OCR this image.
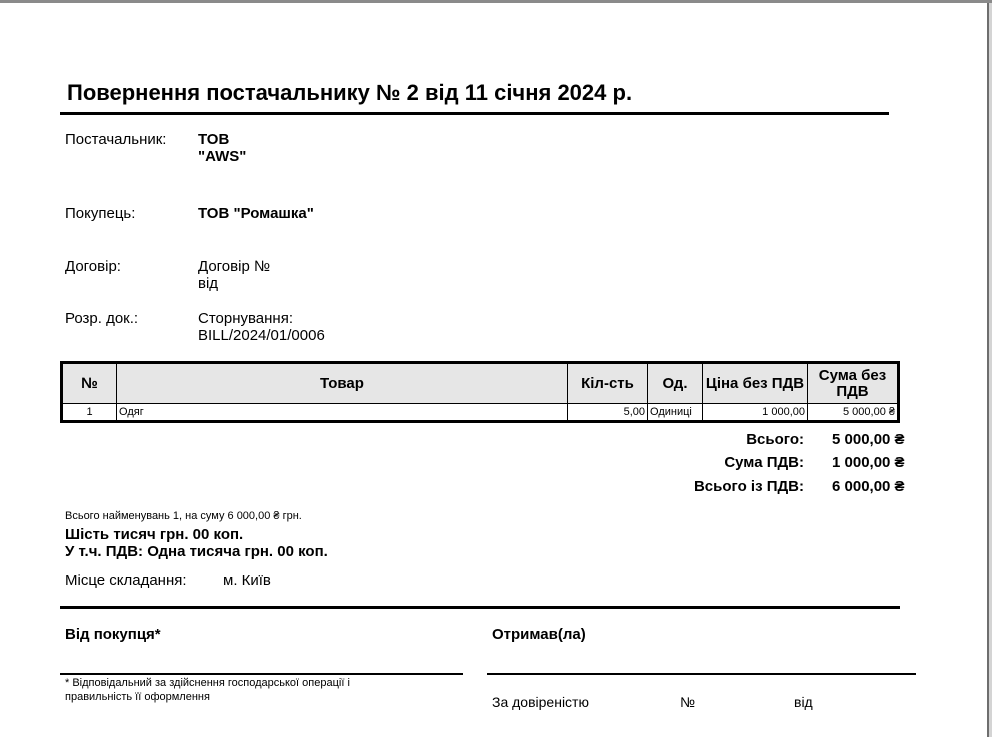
Повернення постачальнику № 2 від 11 січня 2024 р.
Постачальник: ТОВ
"AWS"
Покупець:	ТОВ "Ромашка"
Договір:	Договір №
від
Розр. док.:	Сторнування:
BILL/2024/01/0006
№	Товар	Кіл-сть	Од.	Ціна без ПДВ	Сума без ПДВ
1	Одяг	5,00	Одиниці	1 000,00	5 000,00 ₴
Всього: 5 000,00 ₴
Сума ПДВ: 1 000,00 ₴
Всього із ПДВ: 6 000,00 ₴
Всього найменувань 1, на суму 6 000,00 ₴ грн.
Шість тисяч грн. 00 коп.
У т.ч. ПДВ: Одна тисяча грн. 00 коп.
Місце складання: м. Київ
Від покупця*	Отримав(ла)
* Відповідальний за здійснення господарської операції і правильність її оформлення	За довіреністю	№	від
